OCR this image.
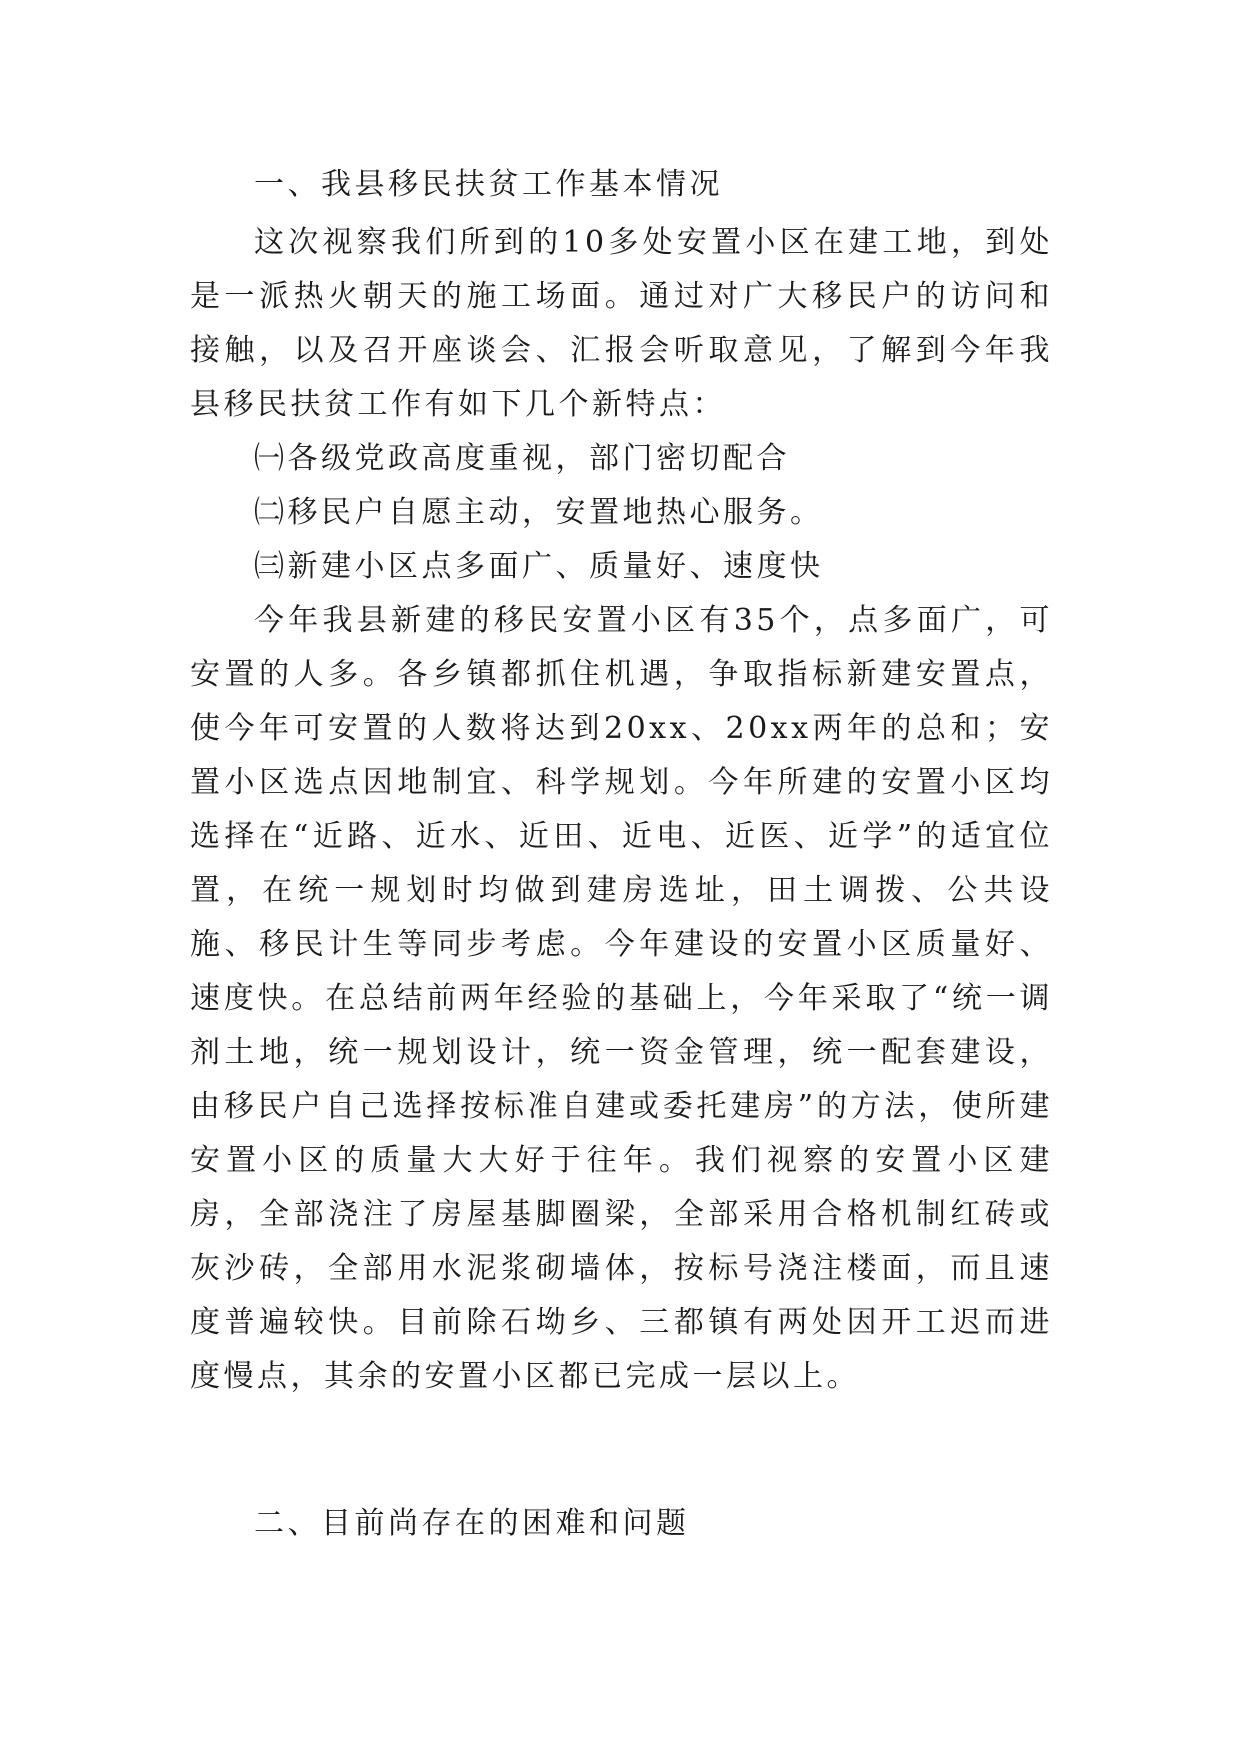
一、我县移民扶贫工作基本情况

这次视察我们所到的10多处安置小区在建工地，到处是一派热火朝天的施工场面。通过对广大移民户的访问和接触，以及召开座谈会、汇报会听取意见，了解到今年我县移民扶贫工作有如下几个新特点：

㈠各级党政高度重视，部门密切配合

㈡移民户自愿主动，安置地热心服务。

㈢新建小区点多面广、质量好、速度快

今年我县新建的移民安置小区有35个，点多面广，可安置的人多。各乡镇都抓住机遇，争取指标新建安置点，使今年可安置的人数将达到20xx、20xx两年的总和；安置小区选点因地制宜、科学规划。今年所建的安置小区均选择在“近路、近水、近田、近电、近医、近学”的适宜位置，在统一规划时均做到建房选址，田土调拨、公共设施、移民计生等同步考虑。今年建设的安置小区质量好、速度快。在总结前两年经验的基础上，今年采取了“统一调剂土地，统一规划设计，统一资金管理，统一配套建设，由移民户自己选择按标准自建或委托建房”的方法，使所建安置小区的质量大大好于往年。我们视察的安置小区建房，全部浇注了房屋基脚圈梁，全部采用合格机制红砖或灰沙砖，全部用水泥浆砌墙体，按标号浇注楼面，而且速度普遍较快。目前除石坳乡、三都镇有两处因开工迟而进度慢点，其余的安置小区都已完成一层以上。

二、目前尚存在的困难和问题
